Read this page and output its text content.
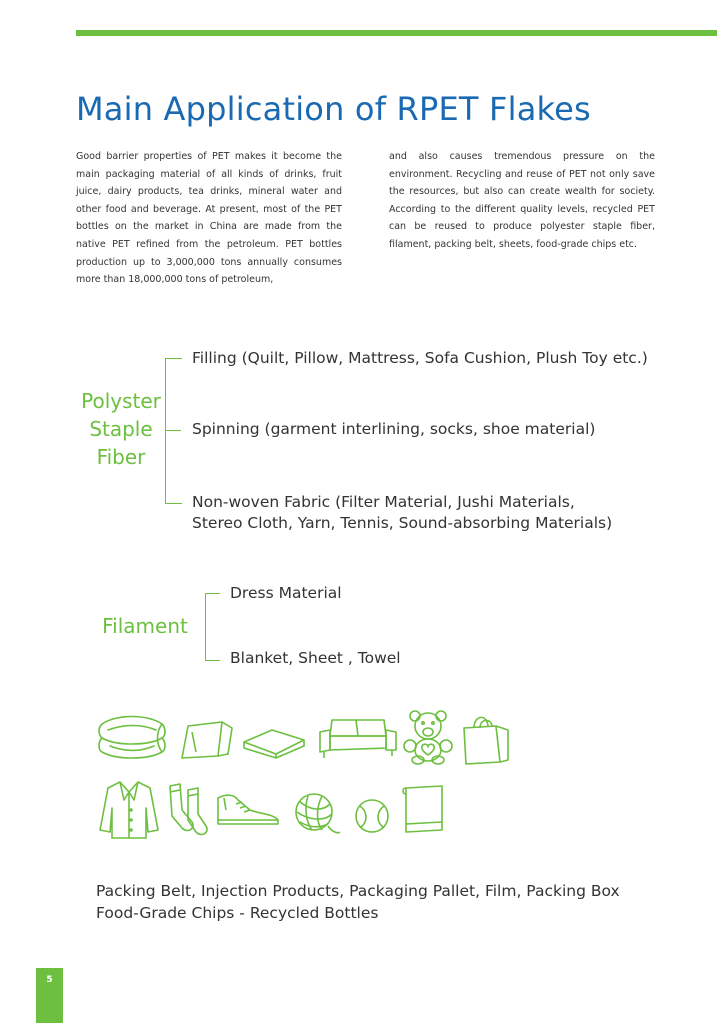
Main Application of RPET Flakes

Good barrier properties of PET makes it become the main packaging material of all kinds of drinks, fruit juice, dairy products, tea drinks, mineral water and other food and beverage. At present, most of the PET bottles on the market in China are made from the native PET refined from the petroleum. PET bottles production up to 3,000,000 tons annually consumes more than 18,000,000 tons of petroleum,

and also causes tremendous pressure on the environment. Recycling and reuse of PET not only save the resources, but also can create wealth for society. According to the different quality levels, recycled PET can be reused to produce polyester staple fiber, filament, packing belt, sheets, food-grade chips etc.

Polyster
Staple
Fiber
Filling (Quilt, Pillow, Mattress, Sofa Cushion, Plush Toy etc.)
Spinning (garment interlining, socks, shoe material)
Non-woven Fabric (Filter Material, Jushi Materials,
Stereo Cloth, Yarn, Tennis, Sound-absorbing Materials)
Filament
Dress Material
Blanket, Sheet , Towel
Packing Belt, Injection Products, Packaging Pallet, Film, Packing Box
Food-Grade Chips - Recycled Bottles
5
